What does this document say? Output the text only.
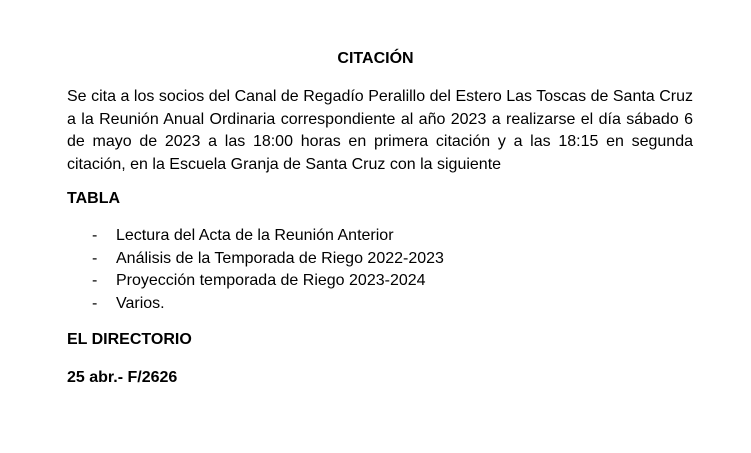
CITACIÓN
Se cita a los socios del Canal de Regadío Peralillo del Estero Las Toscas de Santa Cruz a la Reunión Anual Ordinaria correspondiente al año 2023 a realizarse el día sábado 6 de mayo de 2023 a las 18:00 horas en primera citación y a las 18:15 en segunda citación, en la Escuela Granja de Santa Cruz con la siguiente
TABLA
- Lectura del Acta de la Reunión Anterior
- Análisis de la Temporada de Riego 2022-2023
- Proyección temporada de Riego 2023-2024
- Varios.
EL DIRECTORIO
25 abr.- F/2626
